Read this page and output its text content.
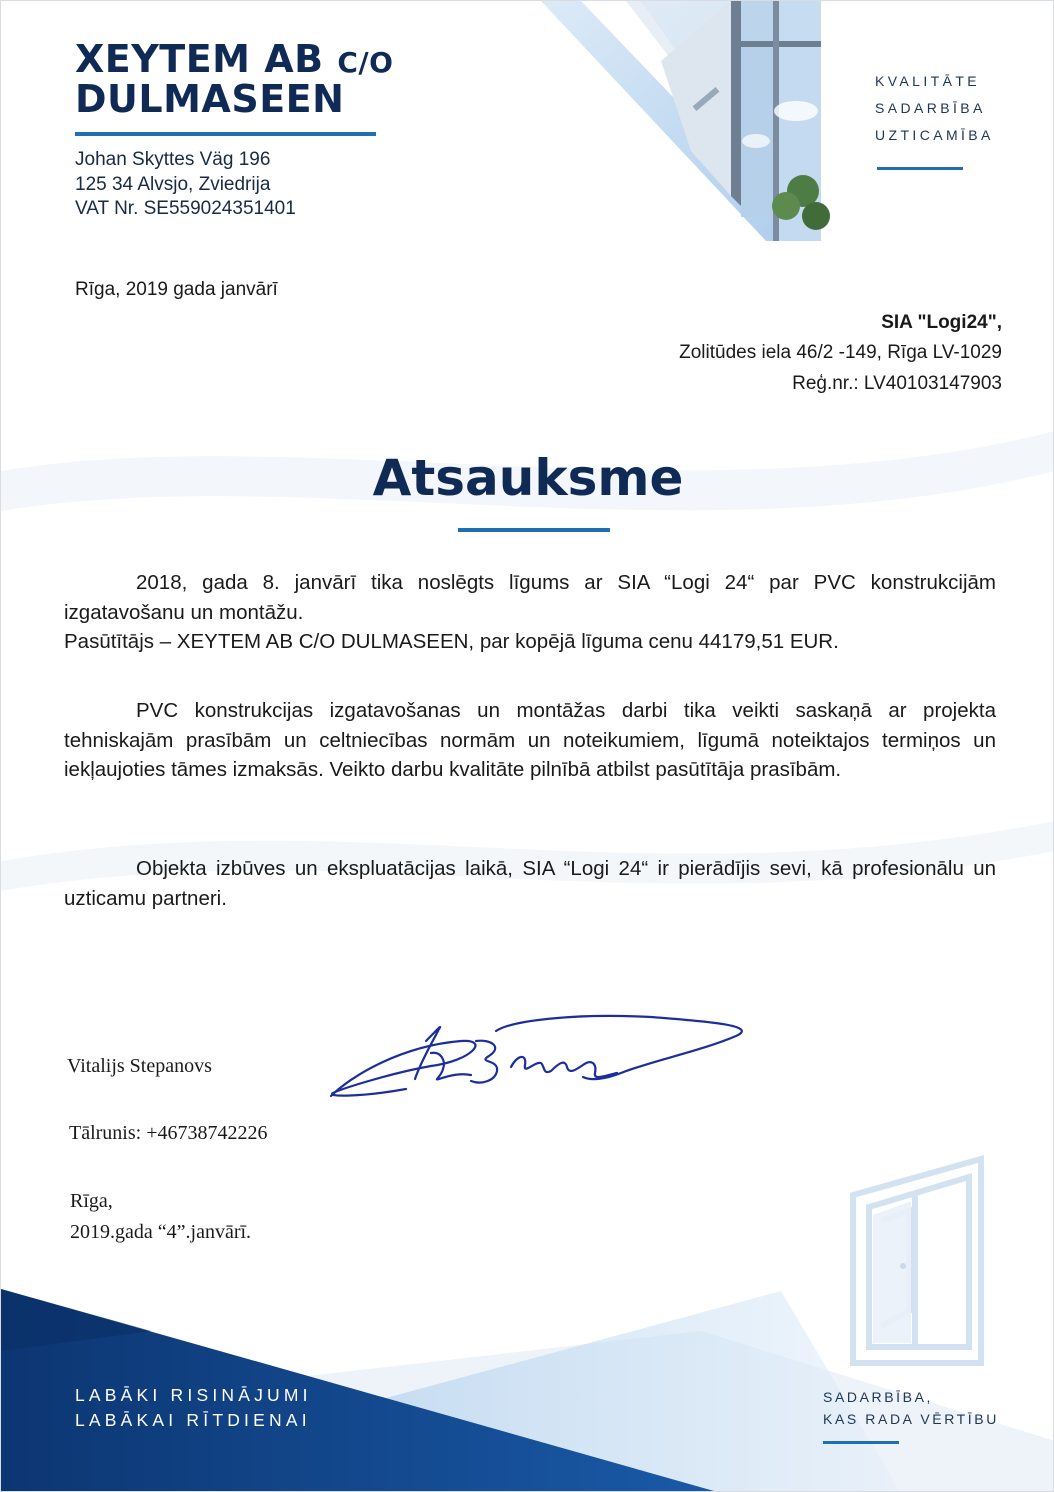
XEYTEM AB C/O
DULMASEEN
Johan Skyttes Väg 196
125 34 Alvsjo, Zviedrija
VAT Nr. SE559024351401
KVALITĀTE
SADARBĪBA
UZTICAMĪBA
Rīga, 2019 gada janvārī
SIA "Logi24",
Zolitūdes iela 46/2 -149, Rīga LV-1029
Reģ.nr.: LV40103147903
Atsauksme

2018, gada 8. janvārī tika noslēgts līgums ar SIA “Logi 24“ par PVC konstrukcijām izgatavošanu un montāžu.

Pasūtītājs – XEYTEM AB C/O DULMASEEN, par kopējā līguma cenu 44179,51 EUR.

PVC konstrukcijas izgatavošanas un montāžas darbi tika veikti saskaņā ar projekta tehniskajām prasībām un celtniecības normām un noteikumiem, līgumā noteiktajos termiņos un iekļaujoties tāmes izmaksās. Veikto darbu kvalitāte pilnībā atbilst pasūtītāja prasībām.

Objekta izbūves un ekspluatācijas laikā, SIA “Logi 24“ ir pierādījis sevi, kā profesionālu un uzticamu partneri.

Vitalijs Stepanovs
Tālrunis: +46738742226
Rīga,
2019.gada “4”.janvārī.
LABĀKI RISINĀJUMI
LABĀKAI RĪTDIENAI
SADARBĪBA,
KAS RADA VĒRTĪBU
